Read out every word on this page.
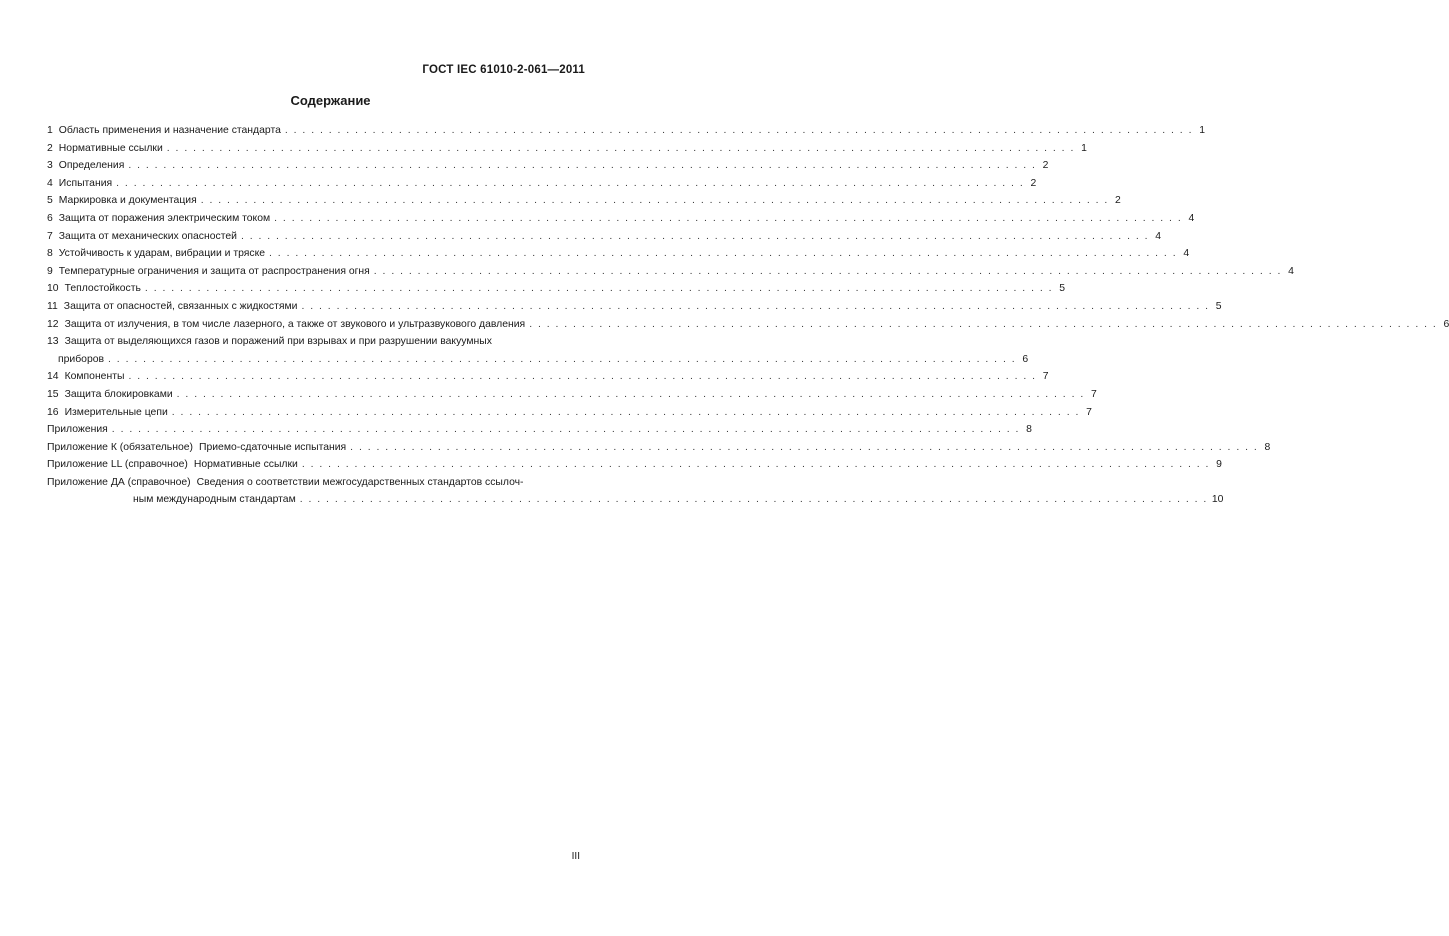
ГОСТ IEC 61010-2-061—2011
Содержание
1 Область применения и назначение стандарта . . .	1
2 Нормативные ссылки . . .	1
3 Определения . . .	2
4 Испытания . . .	2
5 Маркировка и документация . . .	2
6 Защита от поражения электрическим током . . .	4
7 Защита от механических опасностей . . .	4
8 Устойчивость к ударам, вибрации и тряске . . .	4
9 Температурные ограничения и защита от распространения огня . . .	4
10 Теплостойкость . . .	5
11 Защита от опасностей, связанных с жидкостями . . .	5
12 Защита от излучения, в том числе лазерного, а также от звукового и ультразвукового давления . . .	6
13 Защита от выделяющихся газов и поражений при взрывах и при разрушении вакуумных
приборов . . .	6
14 Компоненты . . .	7
15 Защита блокировками . . .	7
16 Измерительные цепи . . .	7
Приложения . . .	8
Приложение К (обязательное) Приемо-сдаточные испытания . . .	8
Приложение LL (справочное) Нормативные ссылки . . .	9
Приложение ДА (справочное) Сведения о соответствии межгосударственных стандартов ссылоч-
ным международным стандартам . . .	10
III
